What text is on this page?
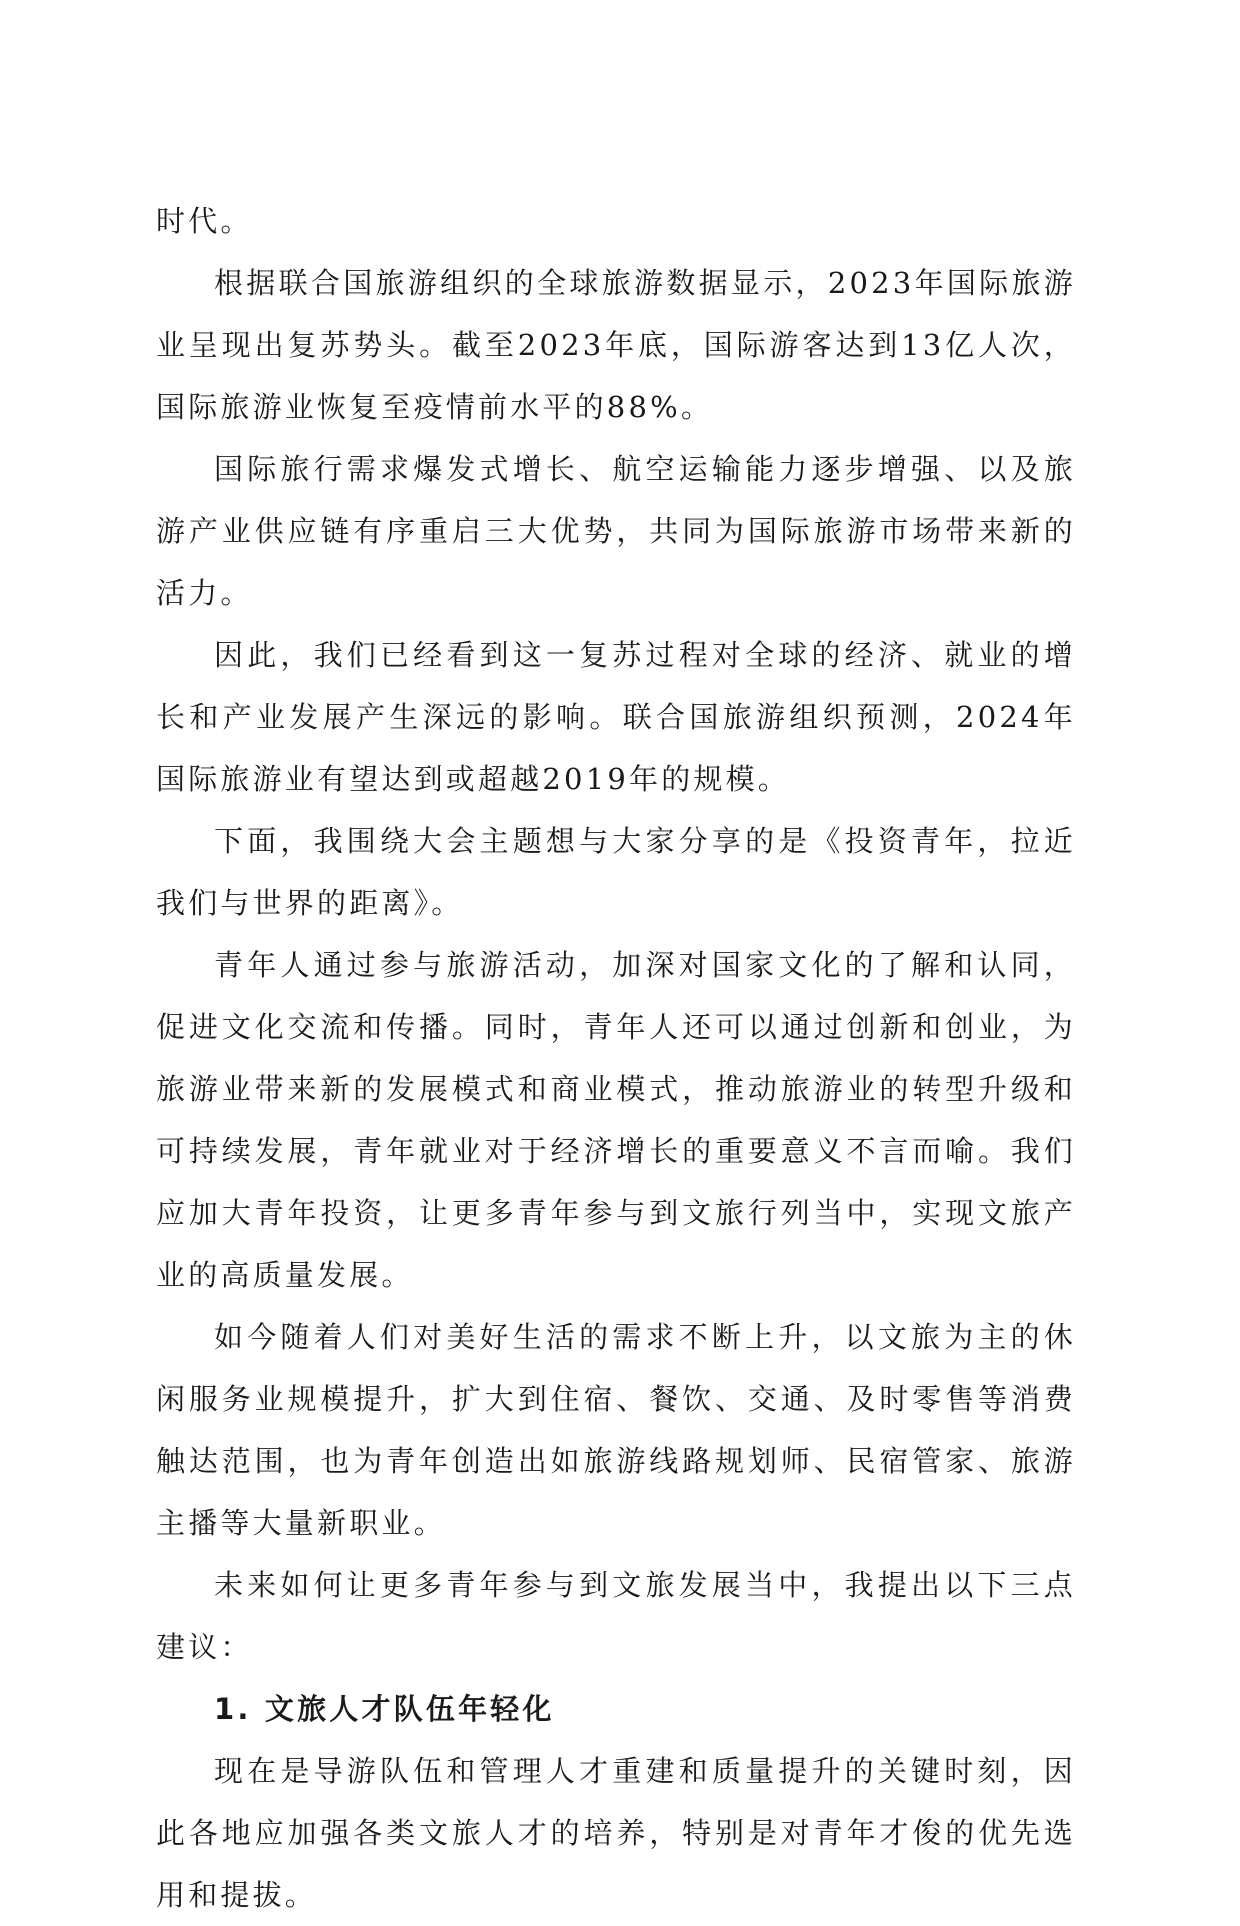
时代。

根据联合国旅游组织的全球旅游数据显示，2023年国际旅游业呈现出复苏势头。截至2023年底，国际游客达到13亿人次，国际旅游业恢复至疫情前水平的88%。

国际旅行需求爆发式增长、航空运输能力逐步增强、以及旅游产业供应链有序重启三大优势，共同为国际旅游市场带来新的活力。

因此，我们已经看到这一复苏过程对全球的经济、就业的增长和产业发展产生深远的影响。联合国旅游组织预测，2024年国际旅游业有望达到或超越2019年的规模。

下面，我围绕大会主题想与大家分享的是《投资青年，拉近我们与世界的距离》。

青年人通过参与旅游活动，加深对国家文化的了解和认同，促进文化交流和传播。同时，青年人还可以通过创新和创业，为旅游业带来新的发展模式和商业模式，推动旅游业的转型升级和可持续发展，青年就业对于经济增长的重要意义不言而喻。我们应加大青年投资，让更多青年参与到文旅行列当中，实现文旅产业的高质量发展。

如今随着人们对美好生活的需求不断上升，以文旅为主的休闲服务业规模提升，扩大到住宿、餐饮、交通、及时零售等消费触达范围，也为青年创造出如旅游线路规划师、民宿管家、旅游主播等大量新职业。

未来如何让更多青年参与到文旅发展当中，我提出以下三点建议：

1. 文旅人才队伍年轻化

现在是导游队伍和管理人才重建和质量提升的关键时刻，因此各地应加强各类文旅人才的培养，特别是对青年才俊的优先选用和提拔。
